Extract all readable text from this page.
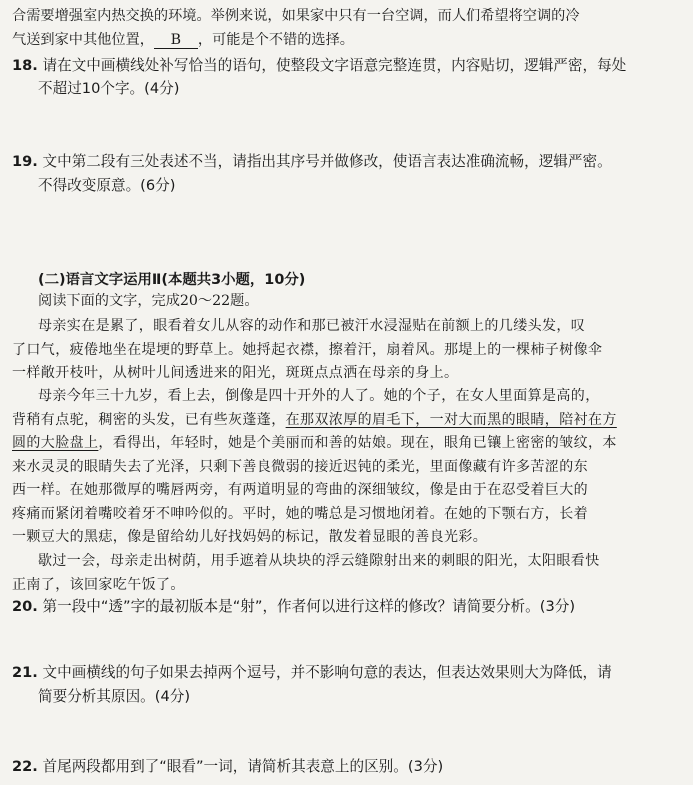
合需要增强室内热交换的环境。举例来说，如果家中只有一台空调，而人们希望将空调的冷
气送到家中其他位置， B ，可能是个不错的选择。
18. 请在文中画横线处补写恰当的语句，使整段文字语意完整连贯，内容贴切，逻辑严密，每处
不超过10个字。(4分)
19. 文中第二段有三处表述不当，请指出其序号并做修改，使语言表达准确流畅，逻辑严密。
不得改变原意。(6分)
(二)语言文字运用Ⅱ(本题共3小题，10分)
阅读下面的文字，完成20～22题。
母亲实在是累了，眼看着女儿从容的动作和那已被汗水浸湿贴在前额上的几缕头发，叹
了口气，疲倦地坐在堤埂的野草上。她捋起衣襟，擦着汗，扇着风。那堤上的一棵柿子树像伞
一样敞开枝叶，从树叶儿间透进来的阳光，斑斑点点洒在母亲的身上。
母亲今年三十九岁，看上去，倒像是四十开外的人了。她的个子，在女人里面算是高的，
背稍有点驼，稠密的头发，已有些灰蓬蓬，在那双浓厚的眉毛下，一对大而黑的眼睛，陪衬在方
圆的大脸盘上，看得出，年轻时，她是个美丽而和善的姑娘。现在，眼角已镶上密密的皱纹，本
来水灵灵的眼睛失去了光泽，只剩下善良微弱的接近迟钝的柔光，里面像藏有许多苦涩的东
西一样。在她那微厚的嘴唇两旁，有两道明显的弯曲的深细皱纹，像是由于在忍受着巨大的
疼痛而紧闭着嘴咬着牙不呻吟似的。平时，她的嘴总是习惯地闭着。在她的下颚右方，长着
一颗豆大的黑痣，像是留给幼儿好找妈妈的标记，散发着显眼的善良光彩。
歇过一会，母亲走出树荫，用手遮着从块块的浮云缝隙射出来的刺眼的阳光，太阳眼看快
正南了，该回家吃午饭了。
20. 第一段中“透”字的最初版本是“射”，作者何以进行这样的修改？请简要分析。(3分)
21. 文中画横线的句子如果去掉两个逗号，并不影响句意的表达，但表达效果则大为降低，请
简要分析其原因。(4分)
22. 首尾两段都用到了“眼看”一词，请简析其表意上的区别。(3分)
